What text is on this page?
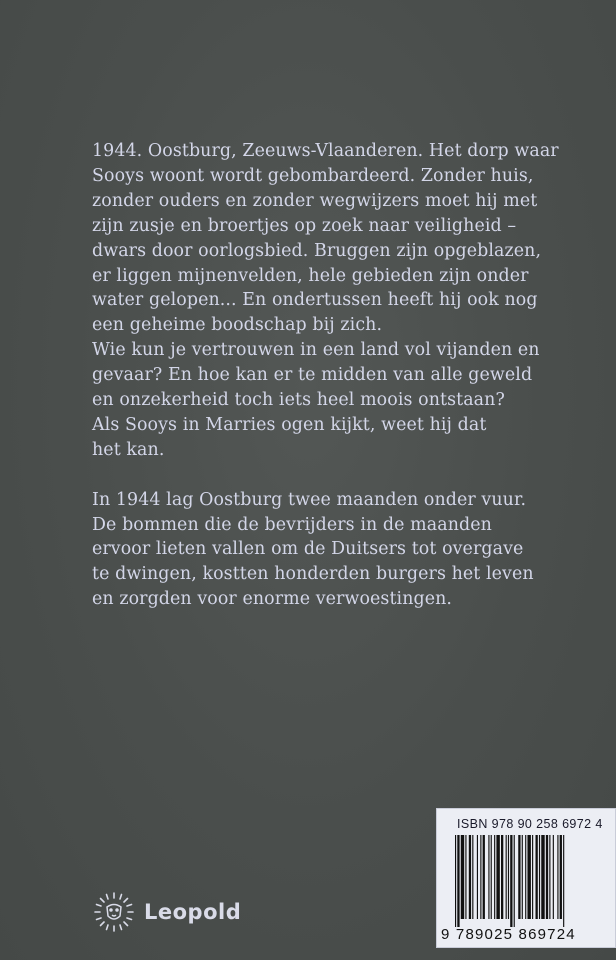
1944. Oostburg, Zeeuws-Vlaanderen. Het dorp waar
Sooys woont wordt gebombardeerd. Zonder huis,
zonder ouders en zonder wegwijzers moet hij met
zijn zusje en broertjes op zoek naar veiligheid –
dwars door oorlogsbied. Bruggen zijn opgeblazen,
er liggen mijnenvelden, hele gebieden zijn onder
water gelopen... En ondertussen heeft hij ook nog
een geheime boodschap bij zich.
Wie kun je vertrouwen in een land vol vijanden en
gevaar? En hoe kan er te midden van alle geweld
en onzekerheid toch iets heel moois ontstaan?
Als Sooys in Marries ogen kijkt, weet hij dat
het kan.

In 1944 lag Oostburg twee maanden onder vuur.
De bommen die de bevrijders in de maanden
ervoor lieten vallen om de Duitsers tot overgave
te dwingen, kostten honderden burgers het leven
en zorgden voor enorme verwoestingen.

Leopold
ISBN 978 90 258 6972 4
9 789025 869724
